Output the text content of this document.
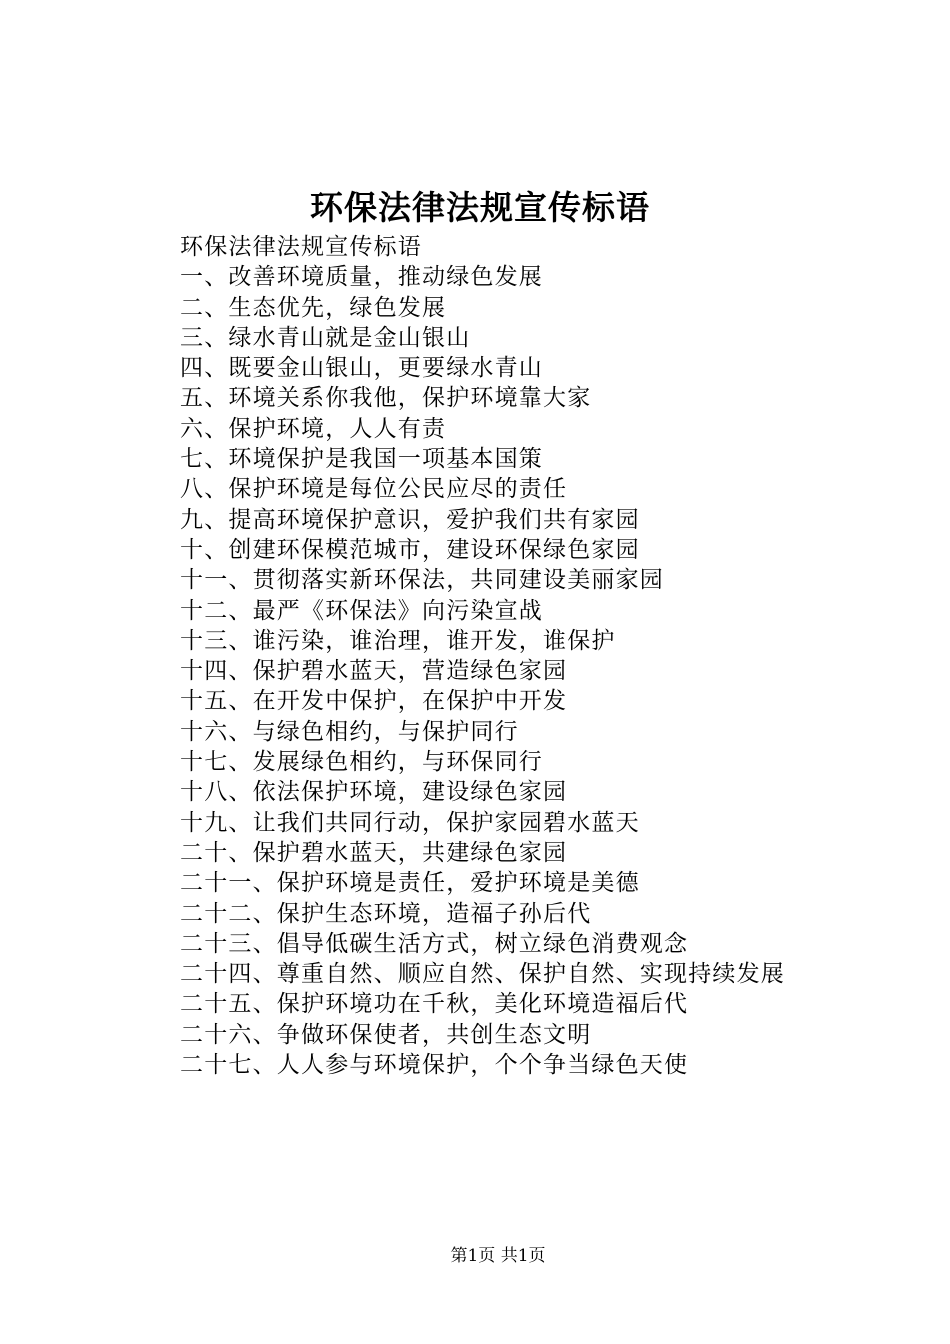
环保法律法规宣传标语
环保法律法规宣传标语
一、改善环境质量，推动绿色发展
二、生态优先，绿色发展
三、绿水青山就是金山银山
四、既要金山银山，更要绿水青山
五、环境关系你我他，保护环境靠大家
六、保护环境，人人有责
七、环境保护是我国一项基本国策
八、保护环境是每位公民应尽的责任
九、提高环境保护意识，爱护我们共有家园
十、创建环保模范城市，建设环保绿色家园
十一、贯彻落实新环保法，共同建设美丽家园
十二、最严《环保法》向污染宣战
十三、谁污染，谁治理，谁开发，谁保护
十四、保护碧水蓝天，营造绿色家园
十五、在开发中保护，在保护中开发
十六、与绿色相约，与保护同行
十七、发展绿色相约，与环保同行
十八、依法保护环境，建设绿色家园
十九、让我们共同行动，保护家园碧水蓝天
二十、保护碧水蓝天，共建绿色家园
二十一、保护环境是责任，爱护环境是美德
二十二、保护生态环境，造福子孙后代
二十三、倡导低碳生活方式，树立绿色消费观念
二十四、尊重自然、顺应自然、保护自然、实现持续发展
二十五、保护环境功在千秋，美化环境造福后代
二十六、争做环保使者，共创生态文明
二十七、人人参与环境保护，个个争当绿色天使
第1页 共1页
